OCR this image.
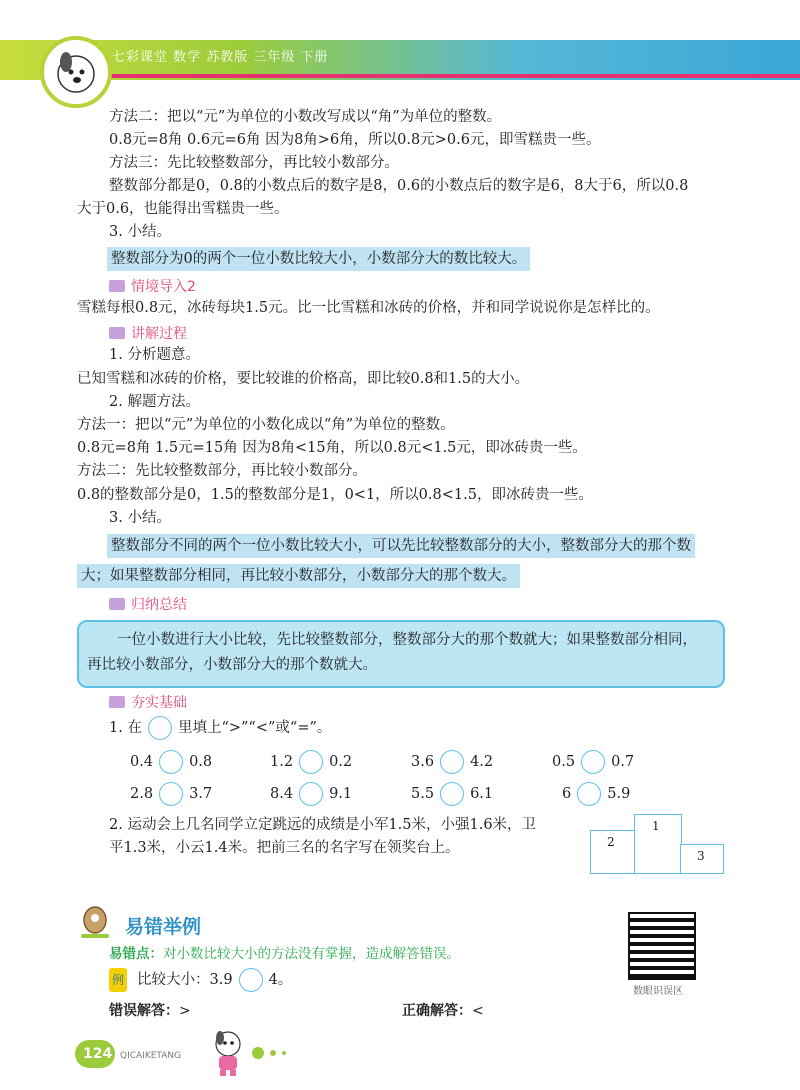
七彩课堂 数学 苏教版 三年级 下册
方法二：把以“元”为单位的小数改写成以“角”为单位的整数。
0.8元=8角 0.6元=6角 因为8角>6角，所以0.8元>0.6元，即雪糕贵一些。
方法三：先比较整数部分，再比较小数部分。
整数部分都是0，0.8的小数点后的数字是8，0.6的小数点后的数字是6，8大于6，所以0.8
大于0.6，也能得出雪糕贵一些。
3. 小结。
整数部分为0的两个一位小数比较大小，小数部分大的数比较大。
情境导入2
雪糕每根0.8元，冰砖每块1.5元。比一比雪糕和冰砖的价格，并和同学说说你是怎样比的。
讲解过程
1. 分析题意。
已知雪糕和冰砖的价格，要比较谁的价格高，即比较0.8和1.5的大小。
2. 解题方法。
方法一：把以“元”为单位的小数化成以“角”为单位的整数。
0.8元=8角 1.5元=15角 因为8角<15角，所以0.8元<1.5元，即冰砖贵一些。
方法二：先比较整数部分，再比较小数部分。
0.8的整数部分是0，1.5的整数部分是1，0<1，所以0.8<1.5，即冰砖贵一些。
3. 小结。
整数部分不同的两个一位小数比较大小，可以先比较整数部分的大小，整数部分大的那个数
大；如果整数部分相同，再比较小数部分，小数部分大的那个数大。
归纳总结
一位小数进行大小比较，先比较整数部分，整数部分大的那个数就大；如果整数部分相同，
再比较小数部分，小数部分大的那个数就大。
夯实基础
1. 在 里填上“>”“<”或“=”。
0.4 0.8	1.2 0.2	3.6 4.2	0.5 0.7
2.8 3.7	8.4 9.1	5.5 6.1	6 5.9
2. 运动会上几名同学立定跳远的成绩是小军1.5米，小强1.6米，卫
平1.3米，小云1.4米。把前三名的名字写在领奖台上。
1
2
3
易错举例
易错点：对小数比较大小的方法没有掌握，造成解答错误。
例 比较大小：3.9 4。
错误解答：>	正确解答：<
数眼识误区
124 QICAIKETANG
